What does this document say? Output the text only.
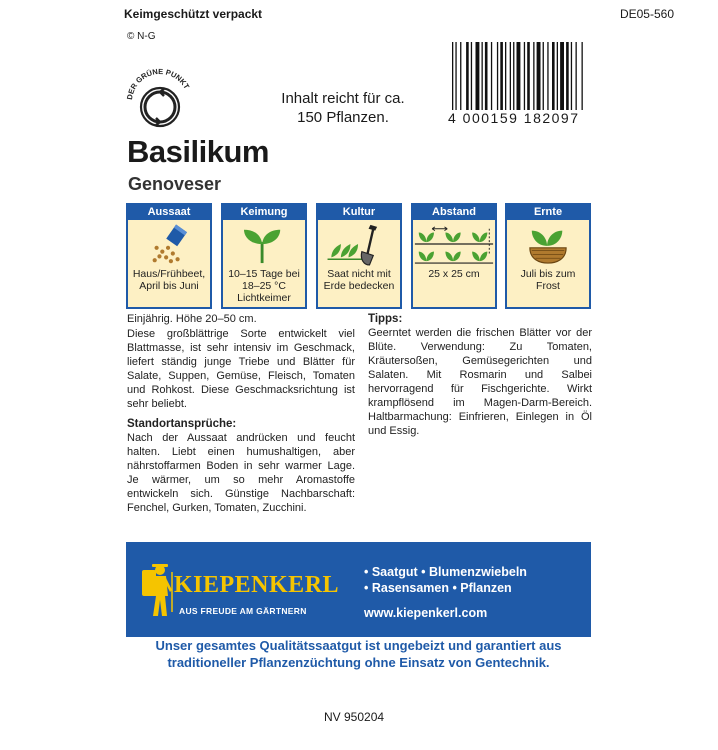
Keimgeschützt verpackt
© N-G
DE05-560
DER GRÜNE PUNKT
Inhalt reicht für ca. 150 Pflanzen.	4 000159 182097
Basilikum
Genoveser
Aussaat
Haus/Frühbeet, April bis Juni
Keimung
10–15 Tage bei 18–25 °C Lichtkeimer
Kultur
Saat nicht mit Erde bedecken
Abstand
25 x 25 cm
Ernte
Juli bis zum Frost

Einjährig. Höhe 20–50 cm.

Diese großblättrige Sorte entwickelt viel Blattmasse, ist sehr intensiv im Geschmack, liefert ständig junge Triebe und Blätter für Salate, Suppen, Gemüse, Fleisch, Tomaten und Rohkost. Diese Geschmacksrichtung ist sehr beliebt.

Standortansprüche:

Nach der Aussaat andrücken und feucht halten. Liebt einen humushaltigen, aber nährstoffarmen Boden in sehr warmer Lage. Je wärmer, um so mehr Aromastoffe entwickeln sich. Günstige Nachbarschaft: Fenchel, Gurken, Tomaten, Zucchini.

Tipps:

Geerntet werden die frischen Blätter vor der Blüte. Verwendung: Zu Tomaten, Kräutersoßen, Gemüsegerichten und Salaten. Mit Rosmarin und Salbei hervorragend für Fischgerichte. Wirkt krampflösend im Magen-Darm-Bereich. Haltbarmachung: Einfrieren, Einlegen in Öl und Essig.

KIEPENKERL
AUS FREUDE AM GÄRTNERN
• Saatgut • Blumenzwiebeln
• Rasensamen • Pflanzen
www.kiepenkerl.com
Unser gesamtes Qualitätssaatgut ist ungebeizt und garantiert aus traditioneller Pflanzenzüchtung ohne Einsatz von Gentechnik.
NV 950204
